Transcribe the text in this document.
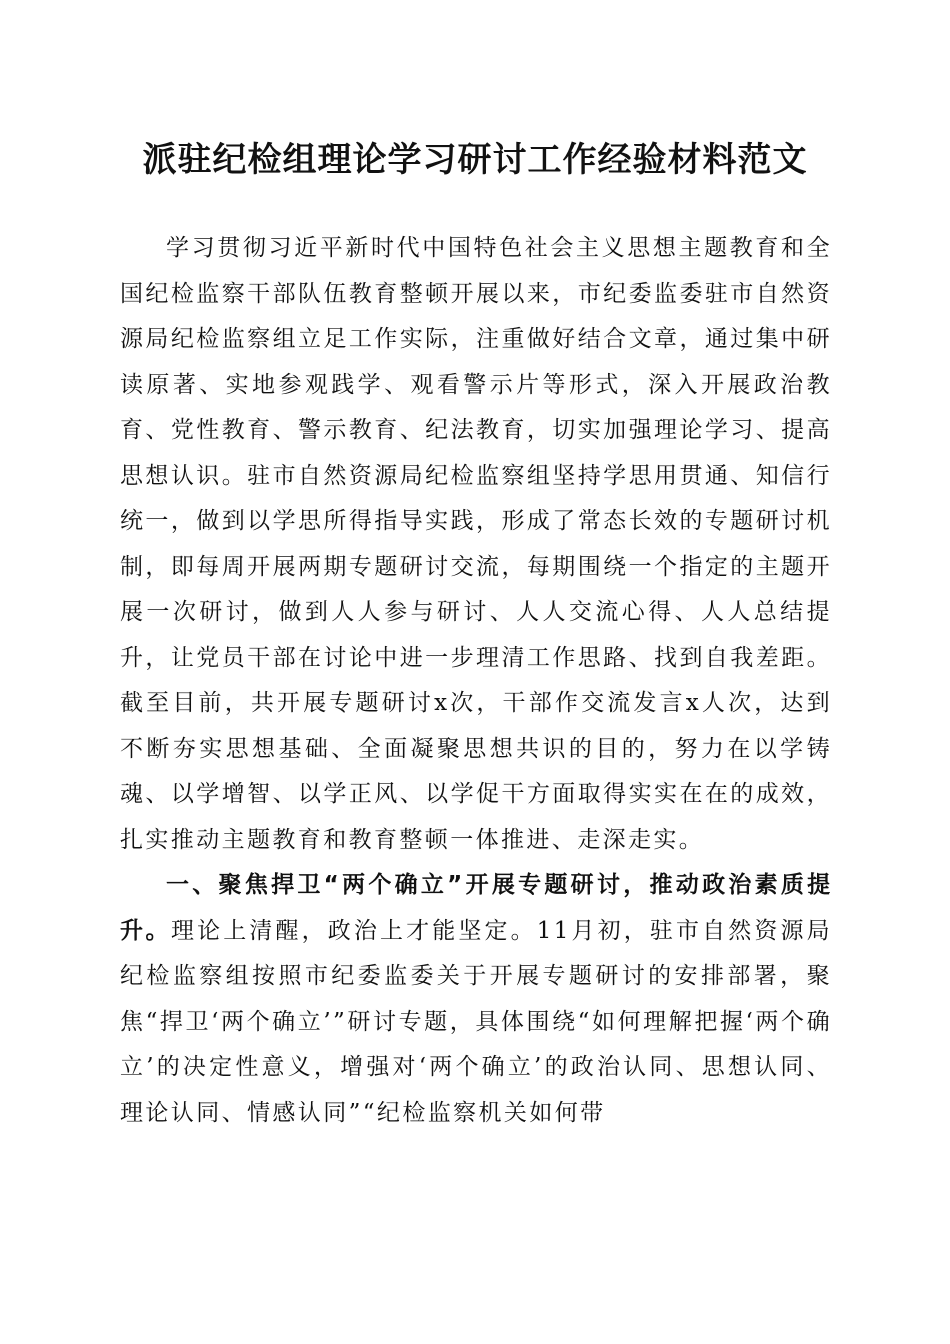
派驻纪检组理论学习研讨工作经验材料范文

学习贯彻习近平新时代中国特色社会主义思想主题教育和全国纪检监察干部队伍教育整顿开展以来，市纪委监委驻市自然资源局纪检监察组立足工作实际，注重做好结合文章，通过集中研读原著、实地参观践学、观看警示片等形式，深入开展政治教育、党性教育、警示教育、纪法教育，切实加强理论学习、提高思想认识。驻市自然资源局纪检监察组坚持学思用贯通、知信行统一，做到以学思所得指导实践，形成了常态长效的专题研讨机制，即每周开展两期专题研讨交流，每期围绕一个指定的主题开展一次研讨，做到人人参与研讨、人人交流心得、人人总结提升，让党员干部在讨论中进一步理清工作思路、找到自我差距。截至目前，共开展专题研讨x次，干部作交流发言x人次，达到不断夯实思想基础、全面凝聚思想共识的目的，努力在以学铸魂、以学增智、以学正风、以学促干方面取得实实在在的成效，扎实推动主题教育和教育整顿一体推进、走深走实。

一、聚焦捍卫“两个确立”开展专题研讨，推动政治素质提升。理论上清醒，政治上才能坚定。11月初，驻市自然资源局纪检监察组按照市纪委监委关于开展专题研讨的安排部署，聚焦“捍卫‘两个确立’”研讨专题，具体围绕“如何理解把握‘两个确立’的决定性意义，增强对‘两个确立’的政治认同、思想认同、理论认同、情感认同”“纪检监察机关如何带
